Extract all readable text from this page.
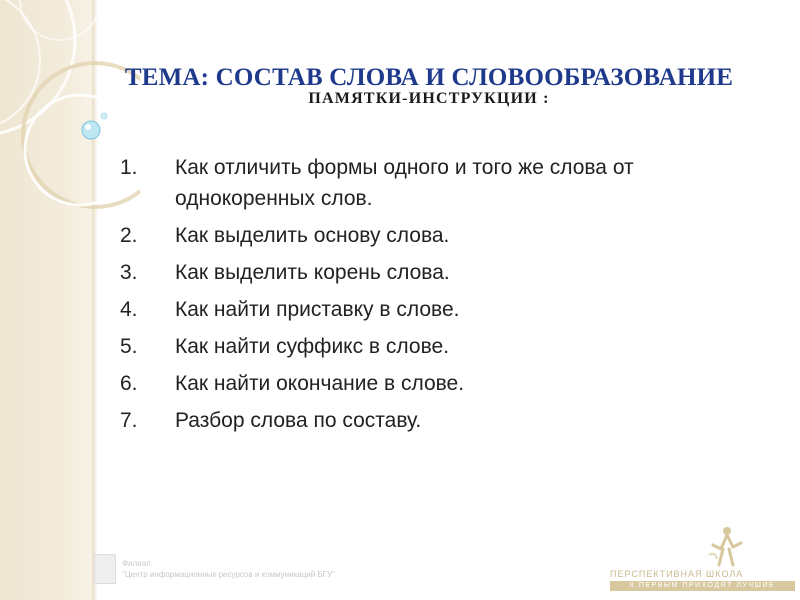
ТЕМА: СОСТАВ СЛОВА И СЛОВООБРАЗОВАНИЕ
ПАМЯТКИ-ИНСТРУКЦИИ :
1.	Как отличить формы одного и того же слова от однокоренных слов.
2.	Как выделить основу слова.
3.	Как выделить корень слова.
4.	Как найти приставку в слове.
5.	Как найти суффикс в слове.
6.	Как найти окончание в слове.
7.	Разбор слова по составу.
Филиал
"Центр информационных ресурсов и коммуникаций БГУ"	ПЕРСПЕКТИВНАЯ ШКОЛА
К ПЕРВЫМ ПРИХОДЯТ ЛУЧШИЕ
